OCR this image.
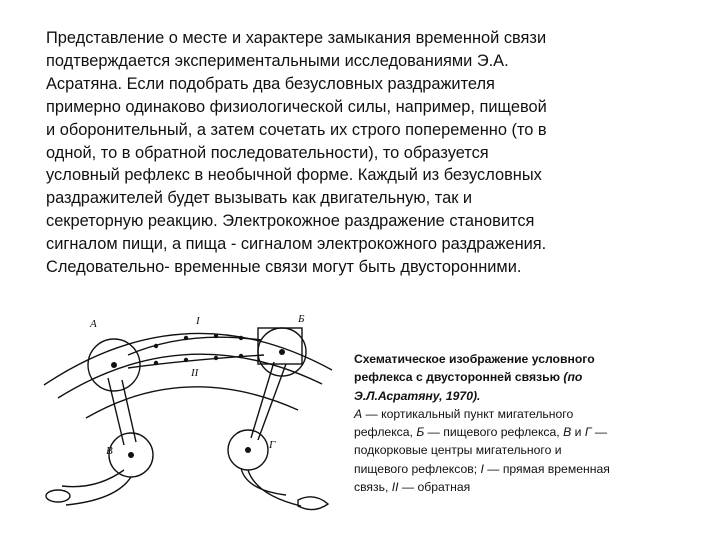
Представление о месте и характере замыкания временной связи
подтверждается экспериментальными исследованиями Э.А.
Асратяна. Если подобрать два безусловных раздражителя
примерно одинаково физиологической силы, например, пищевой
и оборонительный, а затем сочетать их строго попеременно (то в
одной, то в обратной последовательности), то образуется
условный рефлекс в необычной форме. Каждый из безусловных
раздражителей будет вызывать как двигательную, так и
секреторную реакцию. Электрокожное раздражение становится
сигналом пищи, а пища - сигналом электрокожного раздражения.
Следовательно‑ временные связи могут быть двусторонними.
А	Б
В	Г
I
II
Схематическое изображение условного
рефлекса с двусторонней связью (по
Э.Л.Асратяну, 1970).
А — кортикальный пункт мигательного
рефлекса, Б — пищевого рефлекса, В и Г —
подкорковые центры мигательного и
пищевого рефлексов; I — прямая временная
связь, II — обратная
